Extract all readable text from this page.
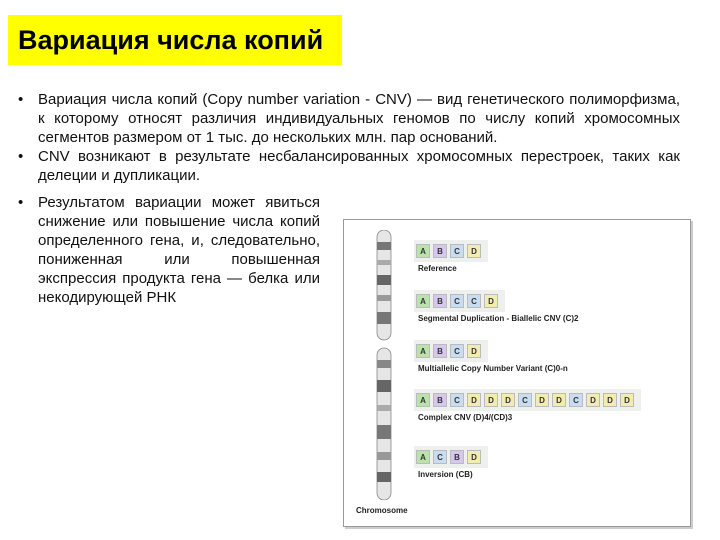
Вариация числа копий
• Вариация числа копий (Copy number variation - CNV) — вид генетического полиморфизма, к которому относят различия индивидуальных геномов по числу копий хромосомных сегментов размером от 1 тыс. до нескольких млн. пар оснований.
• CNV возникают в результате несбалансированных хромосомных перестроек, таких как делеции и дупликации.
• Результатом вариации может явиться снижение или повышение числа копий определенного гена, и, следовательно, пониженная или повышенная экспрессия продукта гена — белка или некодирующей РНК
Chromosome
A	B	C	D
Reference
A	B	C	C	D
Segmental Duplication - Biallelic CNV (C)2
A	B	C	D
Multiallelic Copy Number Variant (C)0-n
A	B	C	D	D	D	C	D	D	C	D	D	D
Complex CNV (D)4/(CD)3
A	C	B	D
Inversion (CB)
